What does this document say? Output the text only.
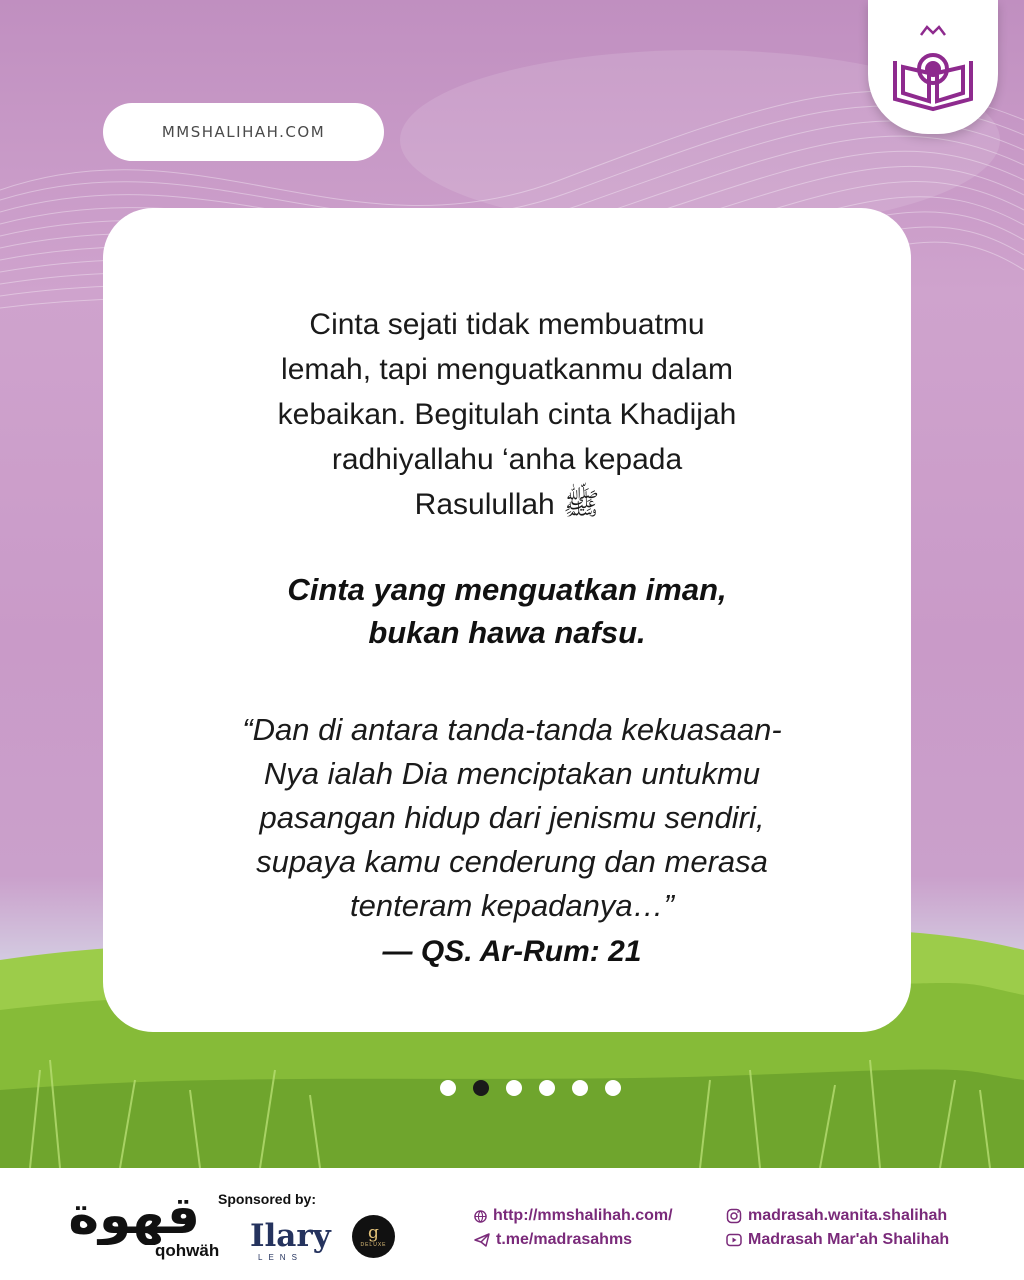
MMSHALIHAH.COM
Cinta sejati tidak membuatmu
lemah, tapi menguatkanmu dalam
kebaikan. Begitulah cinta Khadijah
radhiyallahu ‘anha kepada
Rasulullah ﷺ
Cinta yang menguatkan iman,
bukan hawa nafsu.
“Dan di antara tanda-tanda kekuasaan-
Nya ialah Dia menciptakan untukmu
pasangan hidup dari jenismu sendiri,
supaya kamu cenderung dan merasa
tenteram kepadanya…”
— QS. Ar-Rum: 21
قهوة
qohwäh
Sponsored by:
Ilary
LENS
g
DELUXE
http://mmshalihah.com/
t.me/madrasahms
madrasah.wanita.shalihah
Madrasah Mar'ah Shalihah
